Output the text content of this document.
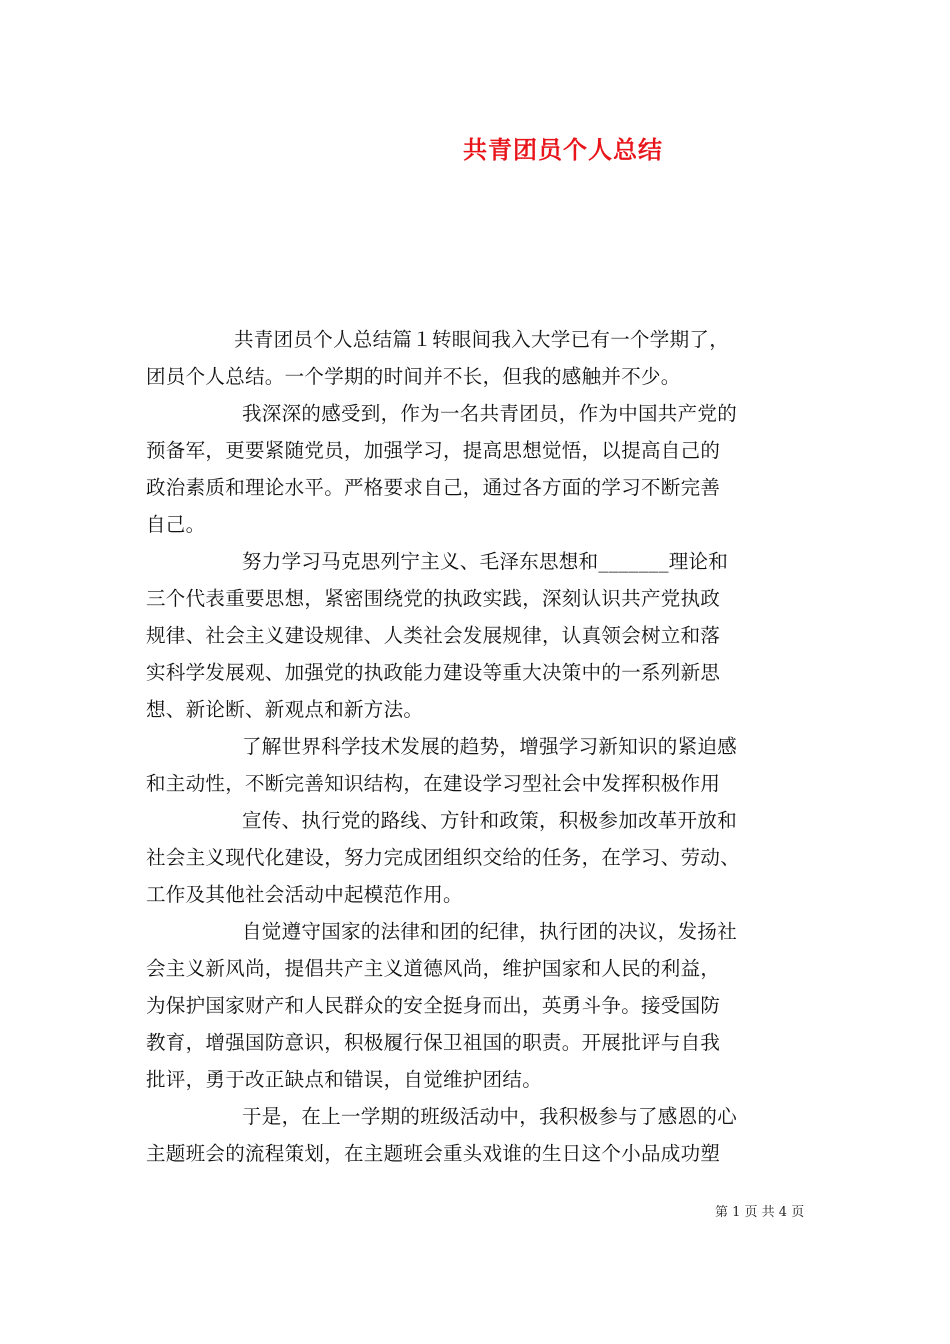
共青团员个人总结
共青团员个人总结篇１转眼间我入大学已有一个学期了，
团员个人总结。一个学期的时间并不长，但我的感触并不少。
我深深的感受到，作为一名共青团员，作为中国共产党的
预备军，更要紧随党员，加强学习，提高思想觉悟，以提高自己的
政治素质和理论水平。严格要求自己，通过各方面的学习不断完善
自己。
努力学习马克思列宁主义、毛泽东思想和_______理论和
三个代表重要思想，紧密围绕党的执政实践，深刻认识共产党执政
规律、社会主义建设规律、人类社会发展规律，认真领会树立和落
实科学发展观、加强党的执政能力建设等重大决策中的一系列新思
想、新论断、新观点和新方法。
了解世界科学技术发展的趋势，增强学习新知识的紧迫感
和主动性，不断完善知识结构，在建设学习型社会中发挥积极作用
宣传、执行党的路线、方针和政策，积极参加改革开放和
社会主义现代化建设，努力完成团组织交给的任务，在学习、劳动、
工作及其他社会活动中起模范作用。
自觉遵守国家的法律和团的纪律，执行团的决议，发扬社
会主义新风尚，提倡共产主义道德风尚，维护国家和人民的利益，
为保护国家财产和人民群众的安全挺身而出，英勇斗争。接受国防
教育，增强国防意识，积极履行保卫祖国的职责。开展批评与自我
批评，勇于改正缺点和错误，自觉维护团结。
于是，在上一学期的班级活动中，我积极参与了感恩的心
主题班会的流程策划，在主题班会重头戏谁的生日这个小品成功塑
第 1 页 共 4 页
